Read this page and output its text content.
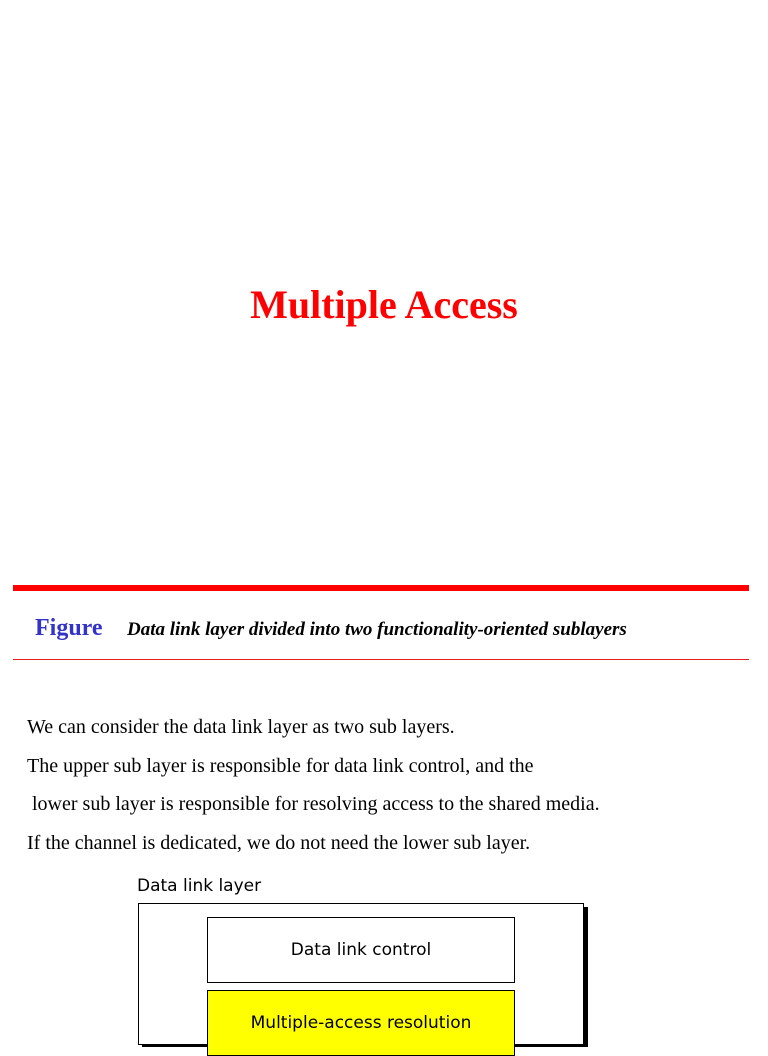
Multiple Access
Figure Data link layer divided into two functionality-oriented sublayers
We can consider the data link layer as two sub layers.
The upper sub layer is responsible for data link control, and the
lower sub layer is responsible for resolving access to the shared media.
If the channel is dedicated, we do not need the lower sub layer.
Data link layer
Data link control
Multiple-access resolution
